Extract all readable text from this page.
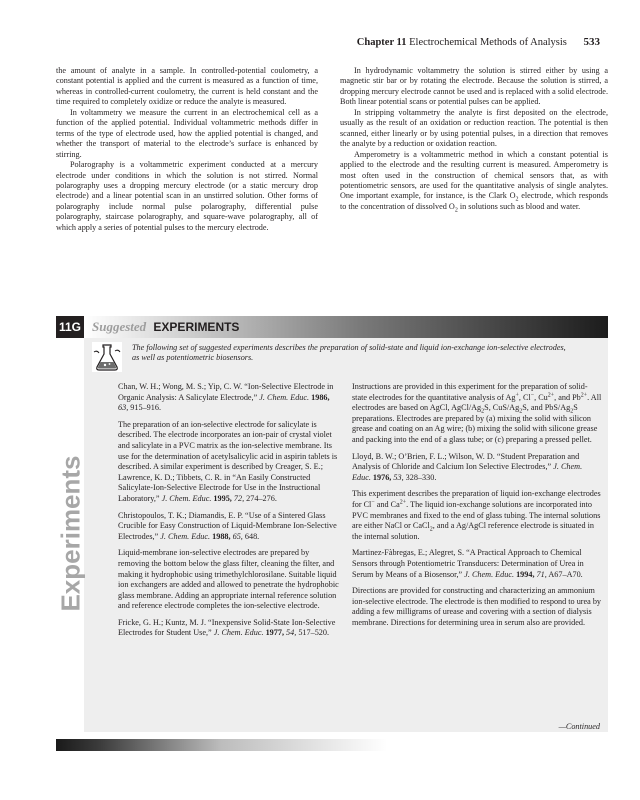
Chapter 11 Electrochemical Methods of Analysis 533

the amount of analyte in a sample. In controlled-potential coulometry, a constant potential is applied and the current is measured as a function of time, whereas in controlled-current coulometry, the current is held constant and the time required to completely oxidize or reduce the analyte is measured.

In voltammetry we measure the current in an electrochemical cell as a function of the applied potential. Individual voltammetric methods differ in terms of the type of electrode used, how the applied potential is changed, and whether the transport of material to the electrode’s surface is enhanced by stirring.

Polarography is a voltammetric experiment conducted at a mercury electrode under conditions in which the solution is not stirred. Normal polarography uses a dropping mercury electrode (or a static mercury drop electrode) and a linear potential scan in an unstirred solution. Other forms of polarography include normal pulse polarography, differential pulse polarography, staircase polarography, and square-wave polarography, all of which apply a series of potential pulses to the mercury electrode.

In hydrodynamic voltammetry the solution is stirred either by using a magnetic stir bar or by rotating the electrode. Because the solution is stirred, a dropping mercury electrode cannot be used and is replaced with a solid electrode. Both linear potential scans or potential pulses can be applied.

In stripping voltammetry the analyte is first deposited on the electrode, usually as the result of an oxidation or reduction reaction. The potential is then scanned, either linearly or by using potential pulses, in a direction that removes the analyte by a reduction or oxidation reaction.

Amperometry is a voltammetric method in which a constant potential is applied to the electrode and the resulting current is measured. Amperometry is most often used in the construction of chemical sensors that, as with potentiometric sensors, are used for the quantitative analysis of single analytes. One important example, for instance, is the Clark $O_2$ electrode, which responds to the concentration of dissolved $O_2$ in solutions such as blood and water.

11G Suggested EXPERIMENTS
Experiments
The following set of suggested experiments describes the preparation of solid-state and liquid ion-exchange ion-selective electrodes, as well as potentiometric biosensors.

Chan, W. H.; Wong, M. S.; Yip, C. W. “Ion-Selective Electrode in Organic Analysis: A Salicylate Electrode,” J. Chem. Educ. 1986, 63, 915–916.

The preparation of an ion-selective electrode for salicylate is described. The electrode incorporates an ion-pair of crystal violet and salicylate in a PVC matrix as the ion-selective membrane. Its use for the determination of acetylsalicylic acid in aspirin tablets is described. A similar experiment is described by Creager, S. E.; Lawrence, K. D.; Tibbets, C. R. in “An Easily Constructed Salicylate-Ion-Selective Electrode for Use in the Instructional Laboratory,” J. Chem. Educ. 1995, 72, 274–276.

Christopoulos, T. K.; Diamandis, E. P. “Use of a Sintered Glass Crucible for Easy Construction of Liquid-Membrane Ion-Selective Electrodes,” J. Chem. Educ. 1988, 65, 648.

Liquid-membrane ion-selective electrodes are prepared by removing the bottom below the glass filter, cleaning the filter, and making it hydrophobic using trimethylchlorosilane. Suitable liquid ion exchangers are added and allowed to penetrate the hydrophobic glass membrane. Adding an appropriate internal reference solution and reference electrode completes the ion-selective electrode.

Fricke, G. H.; Kuntz, M. J. “Inexpensive Solid-State Ion-Selective Electrodes for Student Use,” J. Chem. Educ. 1977, 54, 517–520.

Instructions are provided in this experiment for the preparation of solid-state electrodes for the quantitative analysis of Ag+, Cl−, $Cu^{2+}$, and $Pb^{2+}$. All electrodes are based on AgCl, AgCl/$Ag_2S$, CuS/$Ag_2S$, and PbS/$Ag_2S$ preparations. Electrodes are prepared by (a) mixing the solid with silicon grease and coating on an Ag wire; (b) mixing the solid with silicone grease and packing into the end of a glass tube; or (c) preparing a pressed pellet.

Lloyd, B. W.; O’Brien, F. L.; Wilson, W. D. “Student Preparation and Analysis of Chloride and Calcium Ion Selective Electrodes,” J. Chem. Educ. 1976, 53, 328–330.

This experiment describes the preparation of liquid ion-exchange electrodes for Cl− and $Ca^{2+}$. The liquid ion-exchange solutions are incorporated into PVC membranes and fixed to the end of glass tubing. The internal solutions are either NaCl or CaCl$_2$, and a Ag/AgCl reference electrode is situated in the internal solution.

Martinez-Fàbregas, E.; Alegret, S. “A Practical Approach to Chemical Sensors through Potentiometric Transducers: Determination of Urea in Serum by Means of a Biosensor,” J. Chem. Educ. 1994, 71, A67–A70.

Directions are provided for constructing and characterizing an ammonium ion-selective electrode. The electrode is then modified to respond to urea by adding a few milligrams of urease and covering with a section of dialysis membrane. Directions for determining urea in serum also are provided.

—Continued
